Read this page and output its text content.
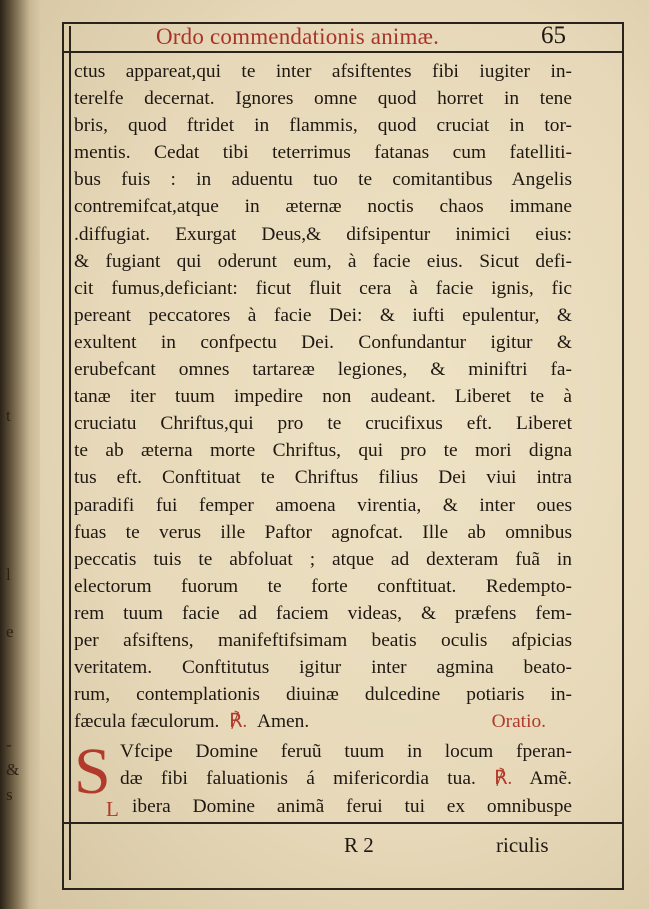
t
l
e
-
&
s
Ordo commendationis animæ.	65
ctus appareat,qui te inter afsiftentes fibi iugiter in-
terelfe decernat. Ignores omne quod horret in tene
bris, quod ftridet in flammis, quod cruciat in tor-
mentis. Cedat tibi teterrimus fatanas cum fatelliti-
bus fuis : in aduentu tuo te comitantibus Angelis
contremifcat,atque in æternæ noctis chaos immane
.diffugiat. Exurgat Deus,& difsipentur inimici eius:
& fugiant qui oderunt eum, à facie eius. Sicut defi-
cit fumus,deficiant: ficut fluit cera à facie ignis, fic
pereant peccatores à facie Dei: & iufti epulentur, &
exultent in confpectu Dei. Confundantur igitur &
erubefcant omnes tartareæ legiones, & miniftri fa-
tanæ iter tuum impedire non audeant. Liberet te à
cruciatu Chriftus,qui pro te crucifixus eft. Liberet
te ab æterna morte Chriftus, qui pro te mori digna
tus eft. Conftituat te Chriftus filius Dei viui intra
paradifi fui femper amoena virentia, & inter oues
fuas te verus ille Paftor agnofcat. Ille ab omnibus
peccatis tuis te abfoluat ; atque ad dexteram fuã in
electorum fuorum te forte conftituat. Redempto-
rem tuum facie ad faciem videas, & præfens fem-
per afsiftens, manifeftifsimam beatis oculis afpicias
veritatem. Conftitutus igitur inter agmina beato-
rum, contemplationis diuinæ dulcedine potiaris in-
fæcula fæculorum. ℟. Amen.	Oratio.
S Vfcipe Domine feruũ tuum in locum fperan-
dæ fibi faluationis á mifericordia tua. ℟. Amẽ.
L ibera Domine animã ferui tui ex omnibuspe
R 2	riculis
